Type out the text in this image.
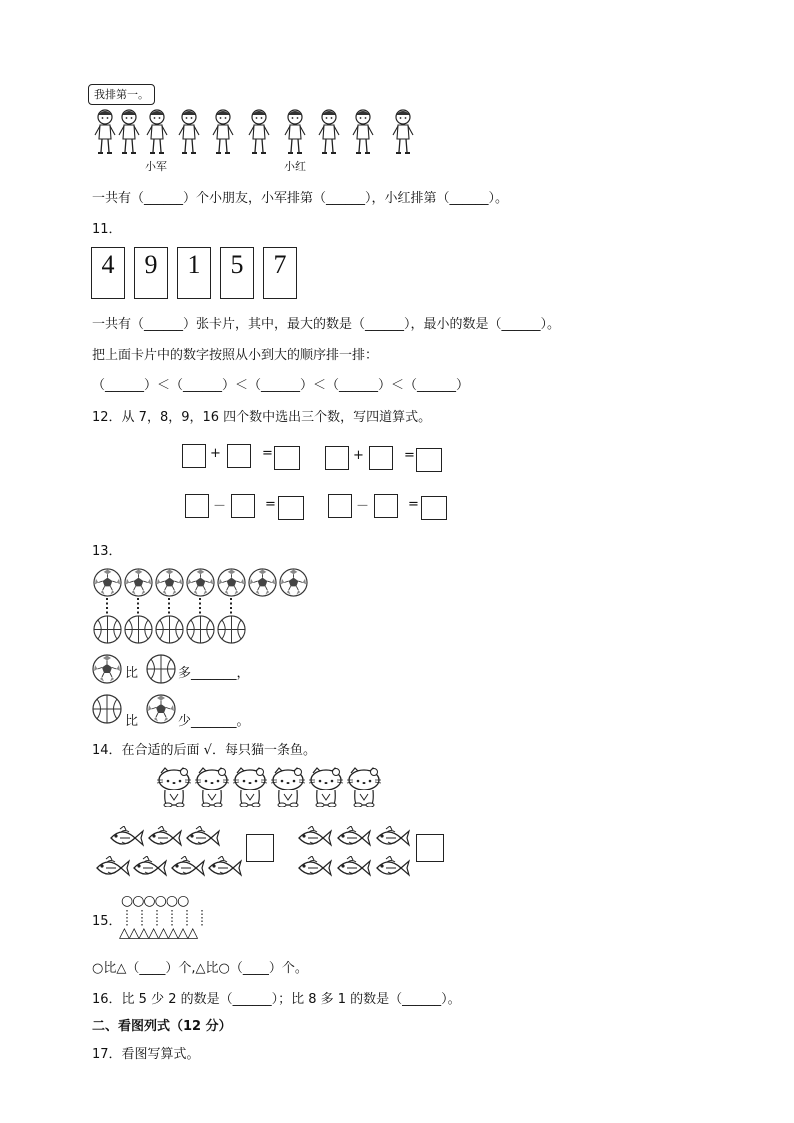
我排第一。
小军	小红
一共有（______）个小朋友，小军排第（______），小红排第（______）。
11．
4	9	1	5	7
一共有（______）张卡片，其中，最大的数是（______），最小的数是（______）。
把上面卡片中的数字按照从小到大的顺序排一排：
（______）＜（______）＜（______）＜（______）＜（______）
12．从 7，8，9，16 四个数中选出三个数，写四道算式。
+	=	+	=
－	=	－	=
13．
比	多_______，
比	少_______。
14．在合适的后面 √．每只猫一条鱼。
15．
○○○○○○
△△△△△△△△
○比△（____）个,△比○（____）个。
16．比 5 少 2 的数是（______）；比 8 多 1 的数是（______）。
二、看图列式（12 分）
17．看图写算式。
